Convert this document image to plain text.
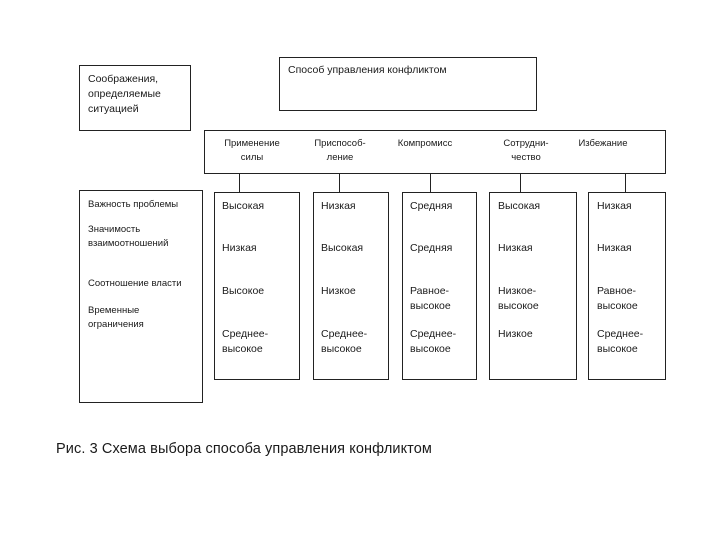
Способ управления конфликтом
Соображения,
определяемые
ситуацией
Применение
силы
Приспособ-
ление
Компромисс	Сотрудни-
чество
Избежание
Важность проблемы
Значимость
взаимоотношений
Соотношение власти
Временные
ограничения
Высокая
Низкая
Высокое
Среднее-
высокое
Низкая
Высокая
Низкое
Среднее-
высокое
Средняя
Средняя
Равное-
высокое
Среднее-
высокое
Высокая
Низкая
Низкое-
высокое
Низкое
Низкая
Низкая
Равное-
высокое
Среднее-
высокое
Рис. 3 Схема выбора способа управления конфликтом
